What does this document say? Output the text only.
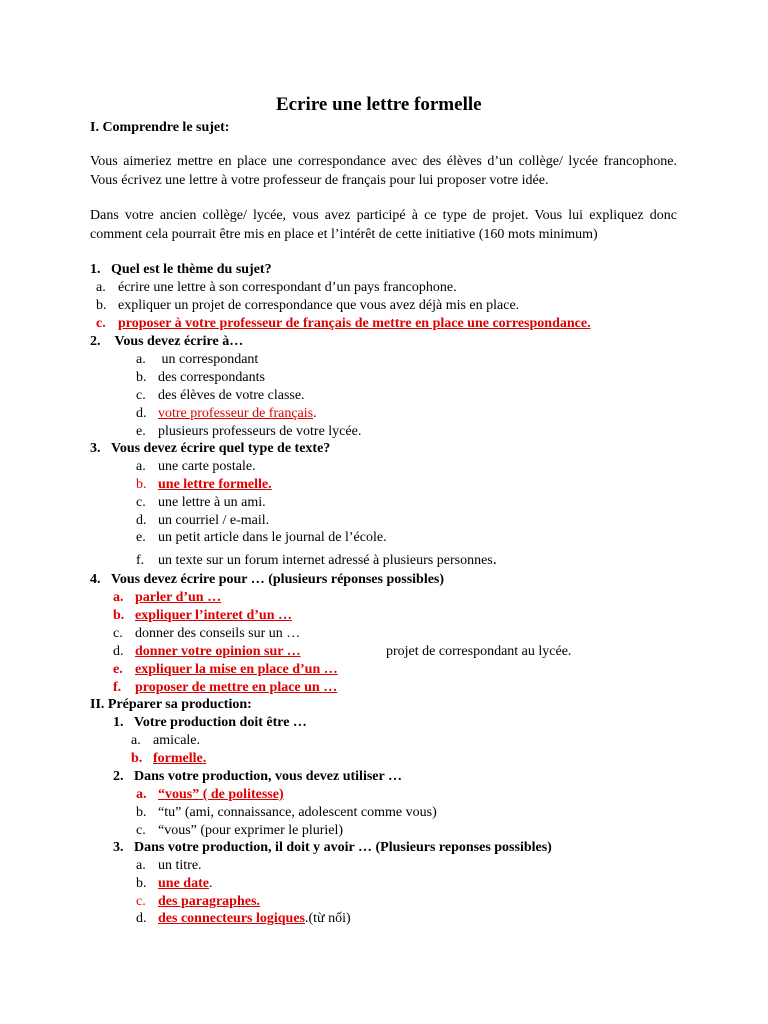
Ecrire une lettre formelle
I. Comprendre le sujet:
Vous aimeriez mettre en place une correspondance avec des élèves d’un collège/ lycée francophone. Vous écrivez une lettre à votre professeur de français pour lui proposer votre idée.
Dans votre ancien collège/ lycée, vous avez participé à ce type de projet. Vous lui expliquez donc comment cela pourrait être mis en place et l’intérêt de cette initiative (160 mots minimum)
1. Quel est le thème du sujet?
a. écrire une lettre à son correspondant d’un pays francophone.
b. expliquer un projet de correspondance que vous avez déjà mis en place.
c. proposer à votre professeur de français de mettre en place une correspondance.
2. Vous devez écrire à…
a. un correspondant
b. des correspondants
c. des élèves de votre classe.
d. votre professeur de français.
e. plusieurs professeurs de votre lycée.
3. Vous devez écrire quel type de texte?
a. une carte postale.
b. une lettre formelle.
c. une lettre à un ami.
d. un courriel / e-mail.
e. un petit article dans le journal de l’école.
f. un texte sur un forum internet adressé à plusieurs personnes.
4. Vous devez écrire pour … (plusieurs réponses possibles)
a. parler d’un …
b. expliquer l’interet d’un …
c. donner des conseils sur un …
d. donner votre opinion sur …	projet de correspondant au lycée.
e. expliquer la mise en place d’un …
f. proposer de mettre en place un …
II. Préparer sa production:
1. Votre production doit être …
a. amicale.
b. formelle.
2. Dans votre production, vous devez utiliser …
a. “vous” ( de politesse)
b. “tu” (ami, connaissance, adolescent comme vous)
c. “vous” (pour exprimer le pluriel)
3. Dans votre production, il doit y avoir … (Plusieurs reponses possibles)
a. un titre.
b. une date.
c. des paragraphes.
d. des connecteurs logiques.(từ nối)
